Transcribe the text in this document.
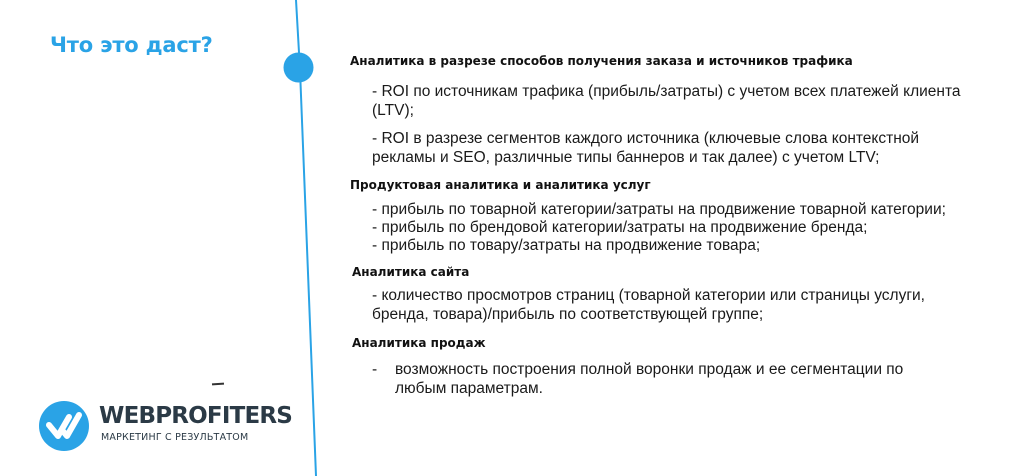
Что это даст?
Аналитика в разрезе способов получения заказа и источников трафика
- ROI по источникам трафика (прибыль/затраты) с учетом всех платежей клиента (LTV);
- ROI в разрезе сегментов каждого источника (ключевые слова контекстной рекламы и SEO, различные типы баннеров и так далее) с учетом LTV;
Продуктовая аналитика и аналитика услуг
- прибыль по товарной категории/затраты на продвижение товарной категории;
- прибыль по брендовой категории/затраты на продвижение бренда;
- прибыль по товару/затраты на продвижение товара;
Аналитика сайта
- количество просмотров страниц (товарной категории или страницы услуги, бренда, товара)/прибыль по соответствующей группе;
Аналитика продаж
- возможность построения полной воронки продаж и ее сегментации по любым параметрам.
WEBPROFITERS
МАРКЕТИНГ С РЕЗУЛЬТАТОМ
